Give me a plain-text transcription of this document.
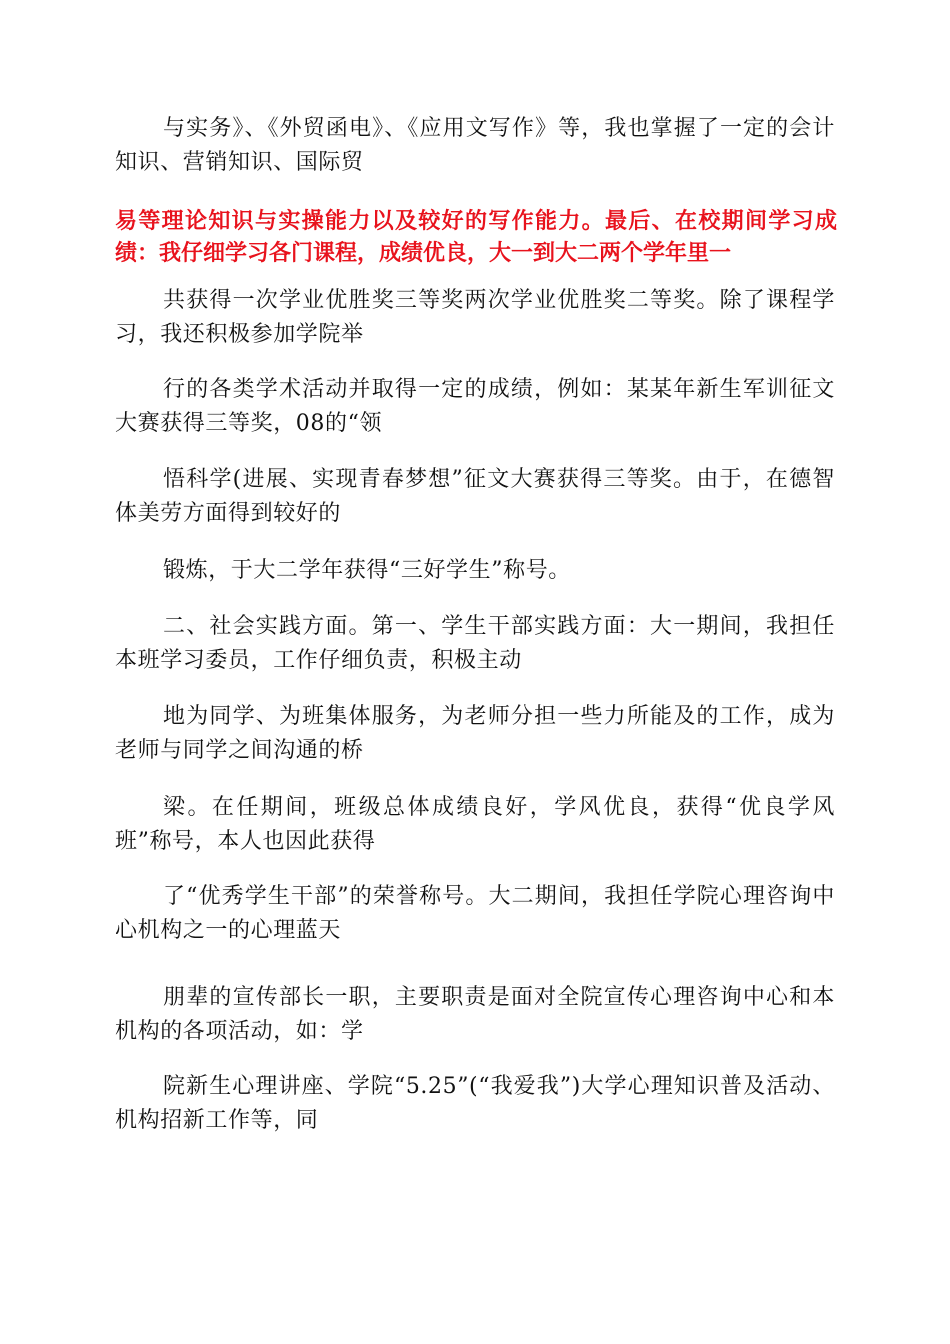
与实务》、《外贸函电》、《应用文写作》等，我也掌握了一定的会计知识、营销知识、国际贸

易等理论知识与实操能力以及较好的写作能力。最后、在校期间学习成绩：我仔细学习各门课程，成绩优良，大一到大二两个学年里一

共获得一次学业优胜奖三等奖两次学业优胜奖二等奖。除了课程学习，我还积极参加学院举

行的各类学术活动并取得一定的成绩，例如：某某年新生军训征文大赛获得三等奖，08的“领

悟科学(进展、实现青春梦想”征文大赛获得三等奖。由于，在德智体美劳方面得到较好的

锻炼，于大二学年获得“三好学生”称号。

二、社会实践方面。第一、学生干部实践方面：大一期间，我担任本班学习委员，工作仔细负责，积极主动

地为同学、为班集体服务，为老师分担一些力所能及的工作，成为老师与同学之间沟通的桥

梁。在任期间，班级总体成绩良好，学风优良，获得“优良学风班”称号，本人也因此获得

了“优秀学生干部”的荣誉称号。大二期间，我担任学院心理咨询中心机构之一的心理蓝天

朋辈的宣传部长一职，主要职责是面对全院宣传心理咨询中心和本机构的各项活动，如：学

院新生心理讲座、学院“5.25”(“我爱我”)大学心理知识普及活动、机构招新工作等，同
